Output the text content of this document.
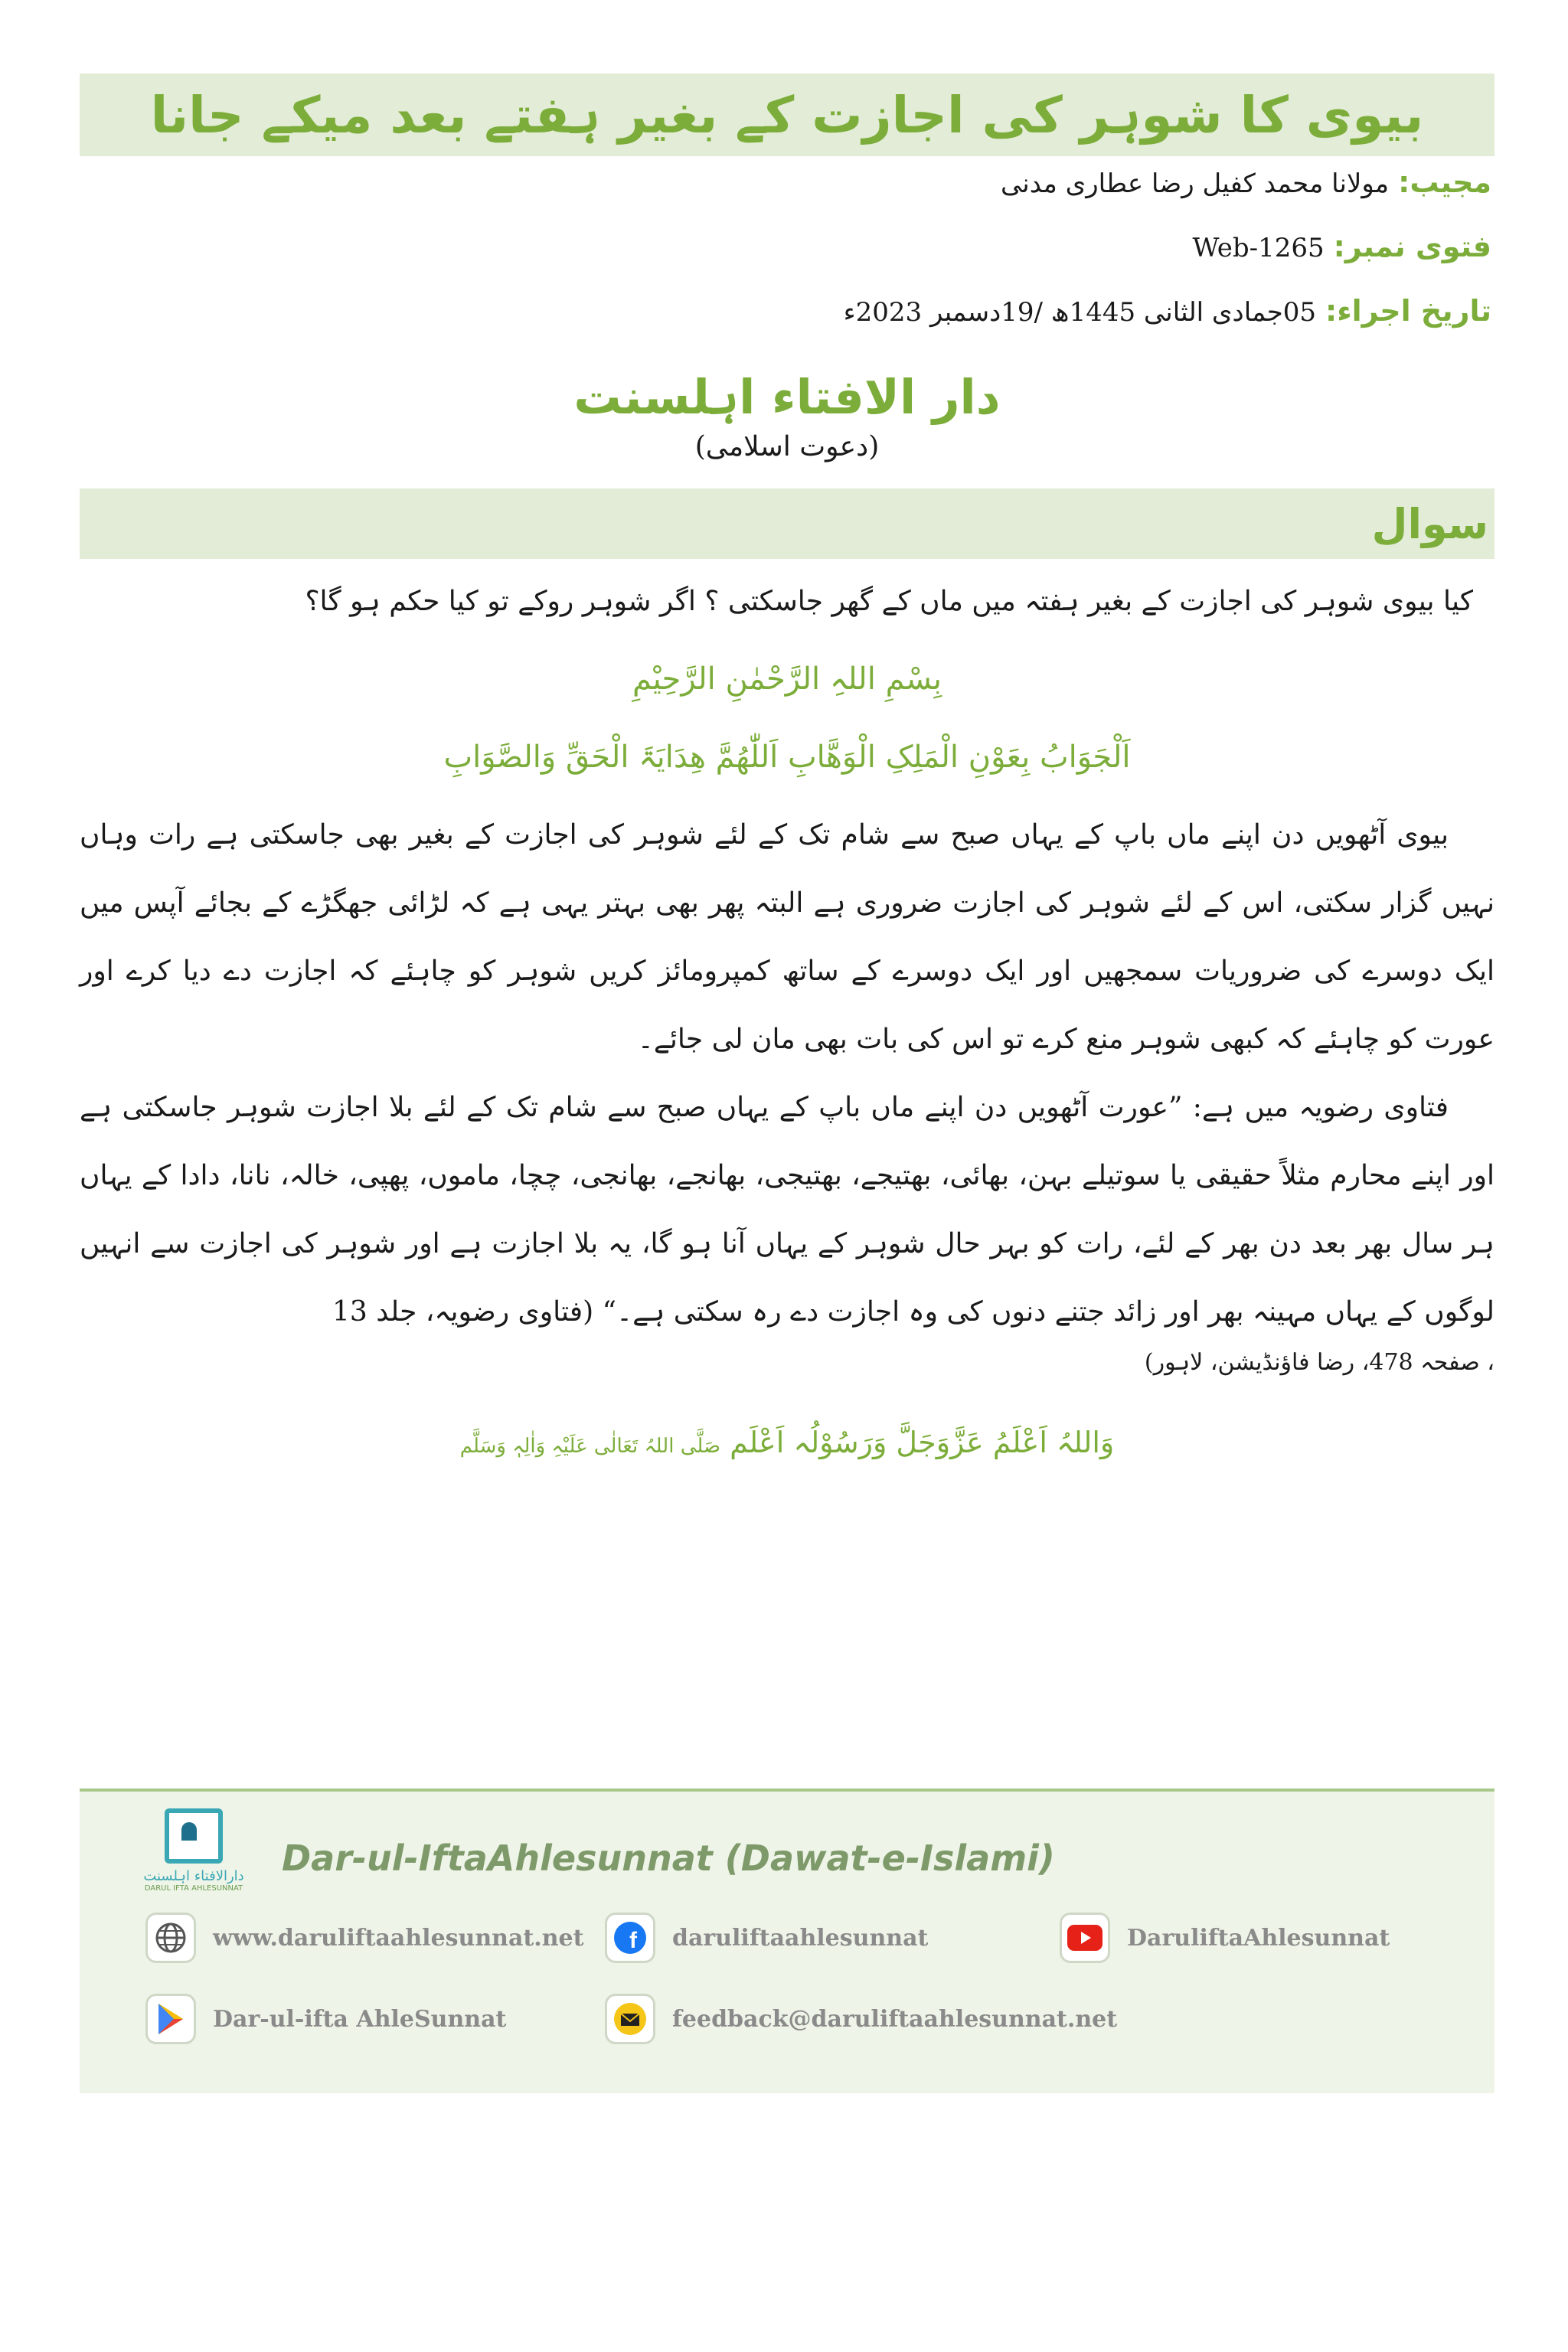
بیوی کا شوہر کی اجازت کے بغیر ہفتے بعد میکے جانا
مجیب:
مولانا محمد کفیل رضا عطاری مدنی
فتوی نمبر:
Web-1265
تاریخ اجراء:
05جمادی الثانی 1445ھ /19دسمبر 2023ء
دار الافتاء اہلسنت
(دعوت اسلامی)
سوال
کیا بیوی شوہر کی اجازت کے بغیر ہفتہ میں ماں کے گھر جاسکتی ؟ اگر شوہر روکے تو کیا حکم ہو گا؟
بِسْمِ اللہِ الرَّحْمٰنِ الرَّحِیْمِ
اَلْجَوَابُ بِعَوْنِ الْمَلِکِ الْوَھَّابِ اَللّٰھُمَّ ھِدَایَۃَ الْحَقِّ وَالصَّوَابِ

بیوی آٹھویں دن اپنے ماں باپ کے یہاں صبح سے شام تک کے لئے شوہر کی اجازت کے بغیر بھی جاسکتی ہے رات وہاں نہیں گزار سکتی، اس کے لئے شوہر کی اجازت ضروری ہے البتہ پھر بھی بہتر یہی ہے کہ لڑائی جھگڑے کے بجائے آپس میں ایک دوسرے کی ضروریات سمجھیں اور ایک دوسرے کے ساتھ کمپرومائز کریں شوہر کو چاہئے کہ اجازت دے دیا کرے اور عورت کو چاہئے کہ کبھی شوہر منع کرے تو اس کی بات بھی مان لی جائے۔

فتاوی رضویہ میں ہے: ”عورت آٹھویں دن اپنے ماں باپ کے یہاں صبح سے شام تک کے لئے بلا اجازت شوہر جاسکتی ہے اور اپنے محارم مثلاً حقیقی یا سوتیلے بہن، بھائی، بھتیجے، بھتیجی، بھانجے، بھانجی، چچا، ماموں، پھپی، خالہ، نانا، دادا کے یہاں ہر سال بھر بعد دن بھر کے لئے، رات کو بہر حال شوہر کے یہاں آنا ہو گا، یہ بلا اجازت ہے اور شوہر کی اجازت سے انہیں لوگوں کے یہاں مہینہ بھر اور زائد جتنے دنوں کی وہ اجازت دے رہ سکتی ہے۔“ (فتاوی رضویہ، جلد 13

، صفحہ 478، رضا فاؤنڈیشن، لاہور)
وَاللہُ اَعْلَمُ عَزَّوَجَلَّ وَرَسُوْلُہ اَعْلَم صَلَّی اللہُ تَعَالٰی عَلَیْہِ وَاٰلِہٖ وَسَلَّم
دارالافتاء اہلسنت
DARUL IFTA AHLESUNNAT
Dar-ul-IftaAhlesunnat (Dawat-e-Islami)
www.daruliftaahlesunnat.net f daruliftaahlesunnat	DaruliftaAhlesunnat
Dar-ul-ifta AhleSunnat	feedback@daruliftaahlesunnat.net
